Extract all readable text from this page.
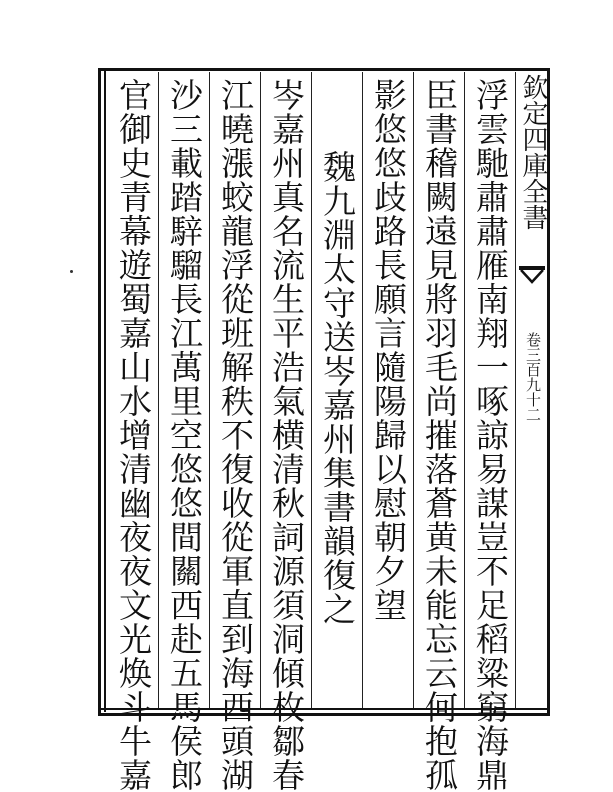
欽定四庫全書
卷三百九十二
浮雲馳肅肅雁南翔一啄諒易謀豈不足稻粱窮海鼎
臣書稽闕遠見將羽毛尚摧落蒼黄未能忘云何抱孤
影悠悠歧路長願言隨陽歸以慰朝夕望
魏九淵太守送岑嘉州集書韻復之
岑嘉州真名流生平浩氣横清秋詞源須洞傾枚鄒春
江曉漲蛟龍浮從班解秩不復收從軍直到海西頭湖
沙三載踏騂騮長江萬里空悠悠間關西赴五馬侯郎
官御史青幕遊蜀嘉山水增清幽夜夜文光焕斗牛嘉
